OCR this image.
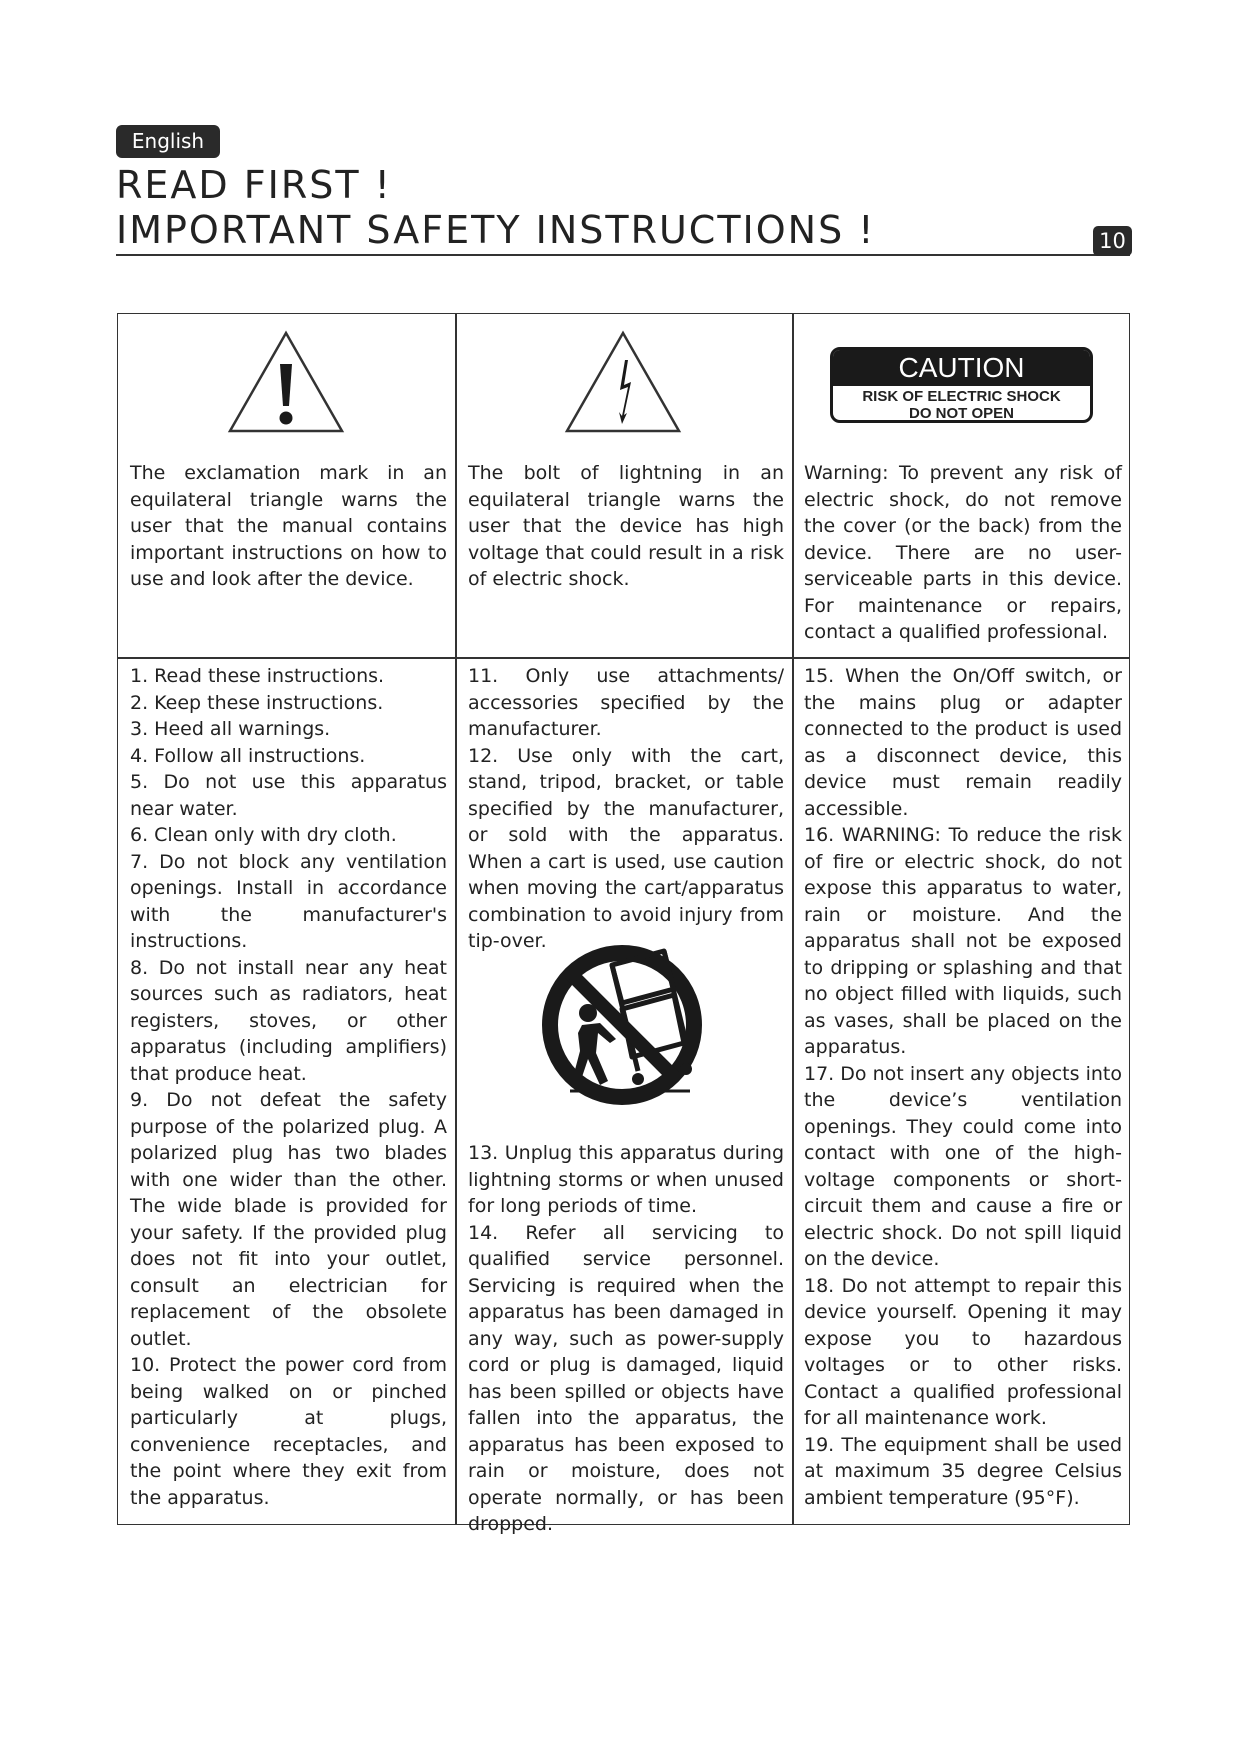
English
READ FIRST !
IMPORTANT SAFETY INSTRUCTIONS !	10
CAUTION
RISK OF ELECTRIC SHOCK
DO NOT OPEN

The exclamation mark in an equilateral triangle warns the user that the manual contains important instructions on how to use and look after the device.

The bolt of lightning in an equilateral triangle warns the user that the device has high voltage that could result in a risk of electric shock.

Warning: To prevent any risk of electric shock, do not remove the cover (or the back) from the device. There are no user-serviceable parts in this device. For maintenance or repairs, contact a qualified professional.

1. Read these instructions.

2. Keep these instructions.

3. Heed all warnings.

4. Follow all instructions.

5. Do not use this apparatus near water.

6. Clean only with dry cloth.

7. Do not block any ventilation openings. Install in accordance with the manufacturer's instructions.

8. Do not install near any heat sources such as radiators, heat registers, stoves, or other apparatus (including amplifiers) that produce heat.

9. Do not defeat the safety purpose of the polarized plug. A polarized plug has two blades with one wider than the other. The wide blade is provided for your safety. If the provided plug does not fit into your outlet, consult an electrician for replacement of the obsolete outlet.

10. Protect the power cord from being walked on or pinched particularly at plugs, convenience receptacles, and the point where they exit from the apparatus.

11. Only use attachments/ accessories specified by the manufacturer.

12. Use only with the cart, stand, tripod, bracket, or table specified by the manufacturer, or sold with the apparatus. When a cart is used, use caution when moving the cart/apparatus combination to avoid injury from tip-over.

13. Unplug this apparatus during lightning storms or when unused for long periods of time.

14. Refer all servicing to qualified service personnel. Servicing is required when the apparatus has been damaged in any way, such as power-supply cord or plug is damaged, liquid has been spilled or objects have fallen into the apparatus, the apparatus has been exposed to rain or moisture, does not operate normally, or has been dropped.

15. When the On/Off switch, or the mains plug or adapter connected to the product is used as a disconnect device, this device must remain readily accessible.

16. WARNING: To reduce the risk of fire or electric shock, do not expose this apparatus to water, rain or moisture. And the apparatus shall not be exposed to dripping or splashing and that no object filled with liquids, such as vases, shall be placed on the apparatus.

17. Do not insert any objects into the device’s ventilation openings. They could come into contact with one of the high-voltage components or short-circuit them and cause a fire or electric shock. Do not spill liquid on the device.

18. Do not attempt to repair this device yourself. Opening it may expose you to hazardous voltages or to other risks. Contact a qualified professional for all maintenance work.

19. The equipment shall be used at maximum 35 degree Celsius ambient temperature (95°F).
